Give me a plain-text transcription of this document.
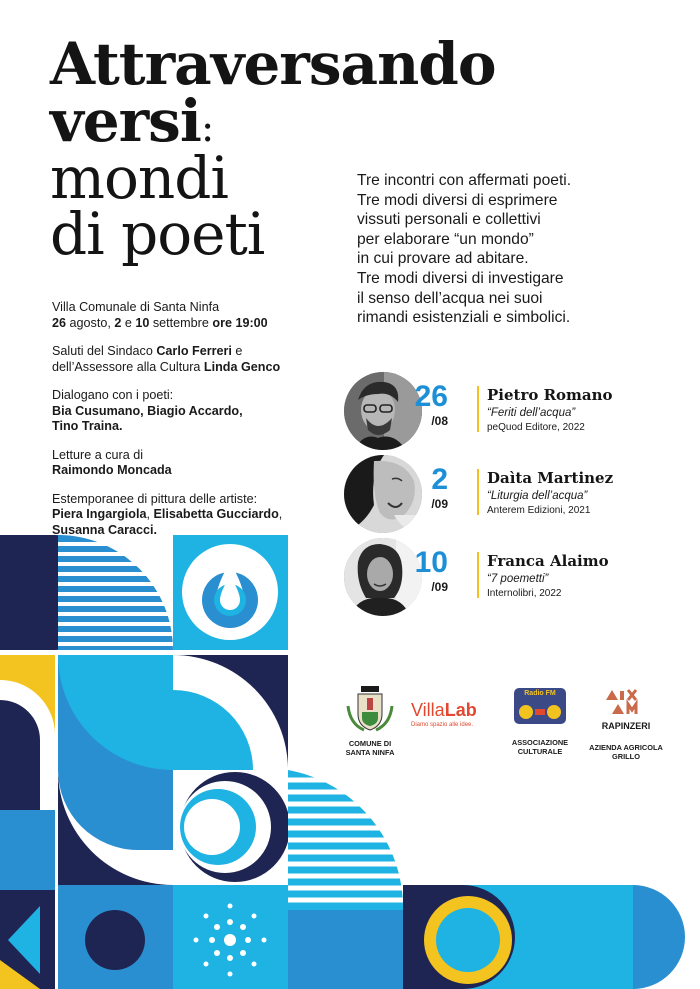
Attraversando
versi:
mondi
di poeti
Tre incontri con affermati poeti.
Tre modi diversi di esprimere
vissuti personali e collettivi
per elaborare “un mondo”
in cui provare ad abitare.
Tre modi diversi di investigare
il senso dell’acqua nei suoi
rimandi esistenziali e simbolici.
Villa Comunale di Santa Ninfa
26 agosto, 2 e 10 settembre ore 19:00
Saluti del Sindaco Carlo Ferreri e
dell’Assessore alla Cultura Linda Genco
Dialogano con i poeti:
Bia Cusumano, Biagio Accardo,
Tino Traina.
Letture a cura di
Raimondo Moncada
Estemporanee di pittura delle artiste:
Piera Ingargiola, Elisabetta Gucciardo,
Susanna Caracci.
26
/08
Pietro Romano
“Feriti dell’acqua”
peQuod Editore, 2022
2
/09
Daìta Martinez
“Liturgia dell’acqua”
Anterem Edizioni, 2021
10
/09
Franca Alaimo
“7 poemetti”
Internolibri, 2022
COMUNE DI
SANTA NINFA
VillaLab
Diamo spazio alle idee.
Radio FM
ASSOCIAZIONE
CULTURALE
RAPINZERI
AZIENDA AGRICOLA
GRILLO
